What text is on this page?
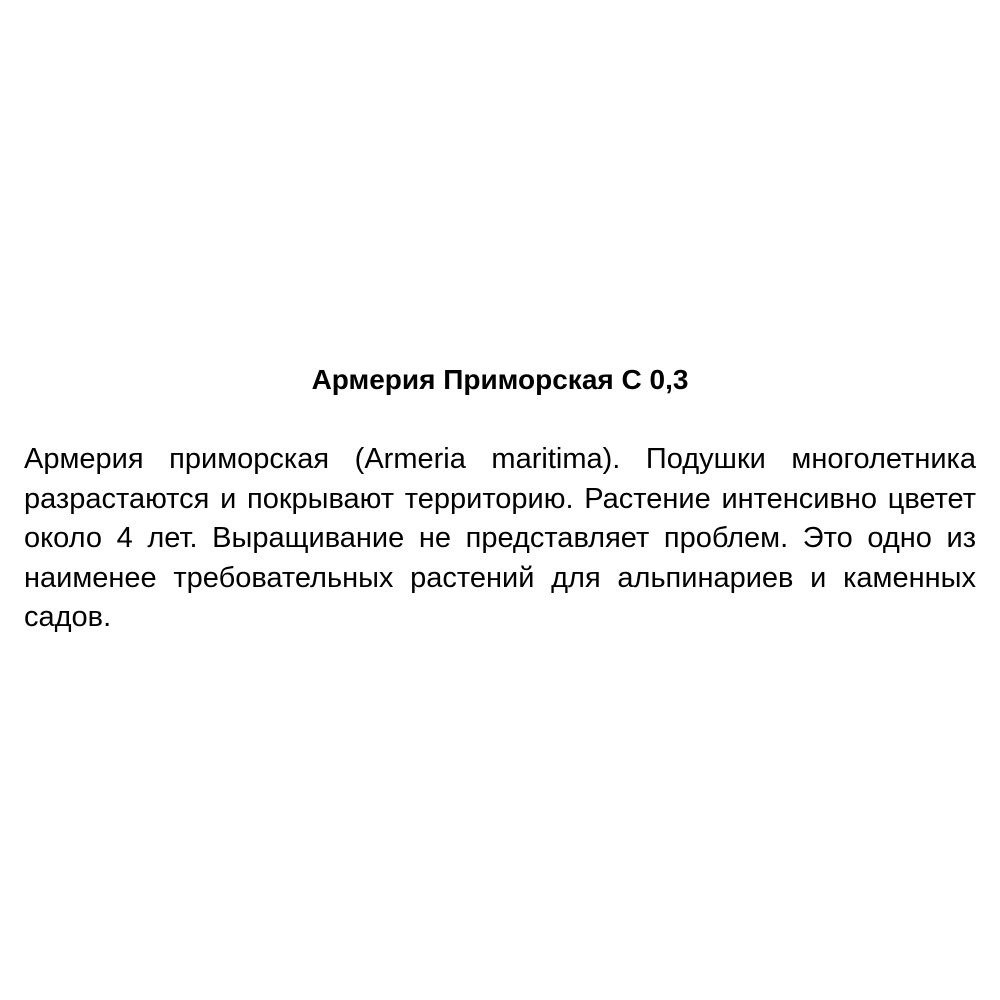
Армерия Приморская С 0,3

Армерия приморская (Armeria maritima). Подушки многолетника разрастаются и покрывают территорию. Растение интенсивно цветет около 4 лет. Выращивание не представляет проблем. Это одно из наименее требовательных растений для альпинариев и каменных садов.
